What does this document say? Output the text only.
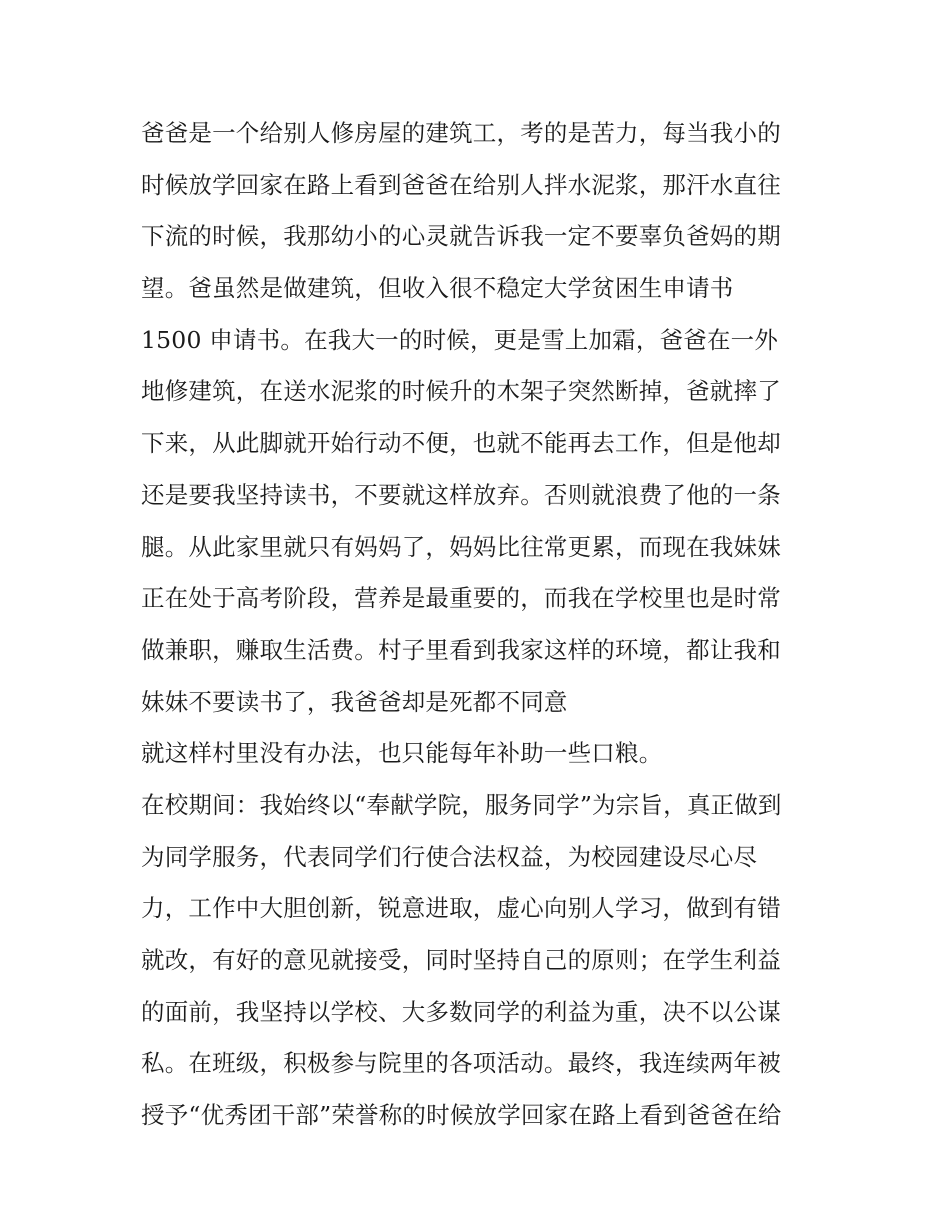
爸爸是一个给别人修房屋的建筑工，考的是苦力，每当我小的
时候放学回家在路上看到爸爸在给别人拌水泥浆，那汗水直往
下流的时候，我那幼小的心灵就告诉我一定不要辜负爸妈的期
望。爸虽然是做建筑，但收入很不稳定大学贫困生申请书
1500 申请书。在我大一的时候，更是雪上加霜，爸爸在一外
地修建筑，在送水泥浆的时候升的木架子突然断掉，爸就摔了
下来，从此脚就开始行动不便，也就不能再去工作，但是他却
还是要我坚持读书，不要就这样放弃。否则就浪费了他的一条
腿。从此家里就只有妈妈了，妈妈比往常更累，而现在我妹妹
正在处于高考阶段，营养是最重要的，而我在学校里也是时常
做兼职，赚取生活费。村子里看到我家这样的环境，都让我和
妹妹不要读书了，我爸爸却是死都不同意
就这样村里没有办法，也只能每年补助一些口粮。
在校期间：我始终以“奉献学院，服务同学”为宗旨，真正做到
为同学服务，代表同学们行使合法权益，为校园建设尽心尽
力，工作中大胆创新，锐意进取，虚心向别人学习，做到有错
就改，有好的意见就接受，同时坚持自己的原则；在学生利益
的面前，我坚持以学校、大多数同学的利益为重，决不以公谋
私。在班级，积极参与院里的各项活动。最终，我连续两年被
授予“优秀团干部”荣誉称的时候放学回家在路上看到爸爸在给
